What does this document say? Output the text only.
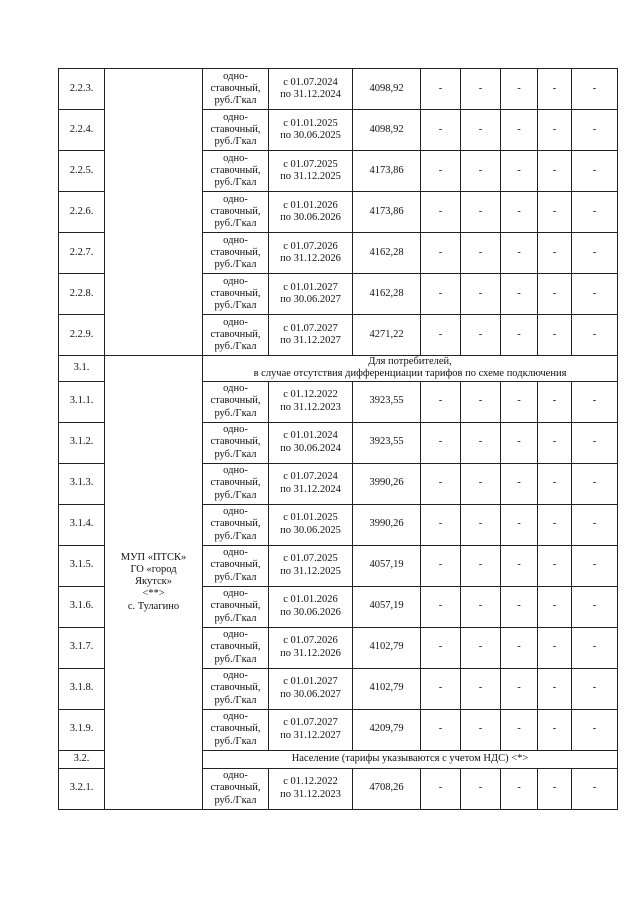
2.2.3.		одно-
ставочный,
руб./Гкал	с 01.07.2024
по 31.12.2024	4098,92	-	-	-	-	-
2.2.4.		одно-
ставочный,
руб./Гкал	с 01.01.2025
по 30.06.2025	4098,92	-	-	-	-	-
2.2.5.		одно-
ставочный,
руб./Гкал	с 01.07.2025
по 31.12.2025	4173,86	-	-	-	-	-
2.2.6.		одно-
ставочный,
руб./Гкал	с 01.01.2026
по 30.06.2026	4173,86	-	-	-	-	-
2.2.7.		одно-
ставочный,
руб./Гкал	с 01.07.2026
по 31.12.2026	4162,28	-	-	-	-	-
2.2.8.		одно-
ставочный,
руб./Гкал	с 01.01.2027
по 30.06.2027	4162,28	-	-	-	-	-
2.2.9.		одно-
ставочный,
руб./Гкал	с 01.07.2027
по 31.12.2027	4271,22	-	-	-	-	-
3.1.	МУП «ПТСК»
ГО «город
Якутск»
<**>
с. Тулагино	Для потребителей,
в случае отсутствия дифференциации тарифов по схеме подключения							
3.1.1.		одно-
ставочный,
руб./Гкал	с 01.12.2022
по 31.12.2023	3923,55	-	-	-	-	-
3.1.2.		одно-
ставочный,
руб./Гкал	с 01.01.2024
по 30.06.2024	3923,55	-	-	-	-	-
3.1.3.		одно-
ставочный,
руб./Гкал	с 01.07.2024
по 31.12.2024	3990,26	-	-	-	-	-
3.1.4.		одно-
ставочный,
руб./Гкал	с 01.01.2025
по 30.06.2025	3990,26	-	-	-	-	-
3.1.5.		одно-
ставочный,
руб./Гкал	с 01.07.2025
по 31.12.2025	4057,19	-	-	-	-	-
3.1.6.		одно-
ставочный,
руб./Гкал	с 01.01.2026
по 30.06.2026	4057,19	-	-	-	-	-
3.1.7.		одно-
ставочный,
руб./Гкал	с 01.07.2026
по 31.12.2026	4102,79	-	-	-	-	-
3.1.8.		одно-
ставочный,
руб./Гкал	с 01.01.2027
по 30.06.2027	4102,79	-	-	-	-	-
3.1.9.		одно-
ставочный,
руб./Гкал	с 01.07.2027
по 31.12.2027	4209,79	-	-	-	-	-
3.2.		Население (тарифы указываются с учетом НДС) <*>							
3.2.1.		одно-
ставочный,
руб./Гкал	с 01.12.2022
по 31.12.2023	4708,26	-	-	-	-	-
